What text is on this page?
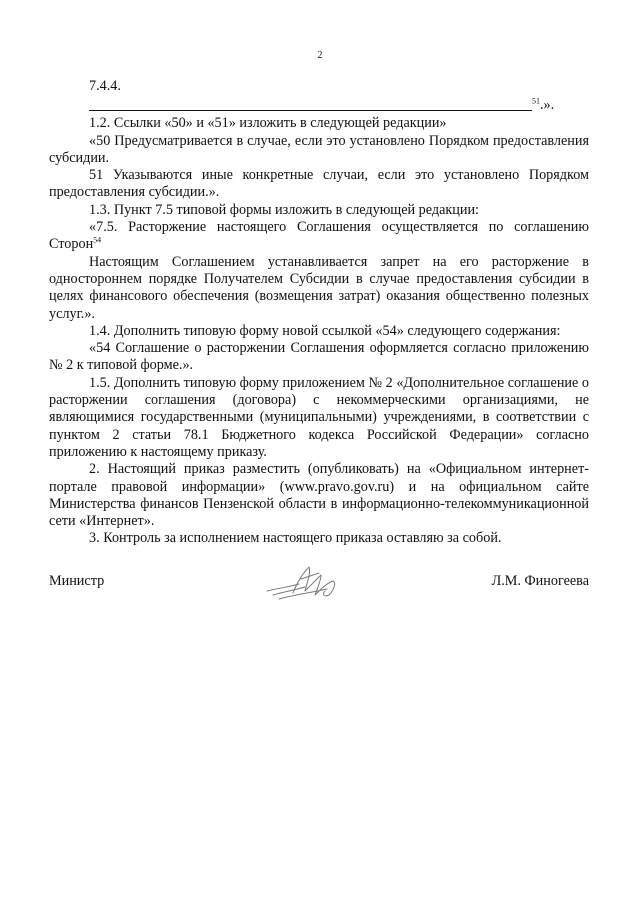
2

7.4.4.

$^{51}$.».

1.2. Ссылки «50» и «51» изложить в следующей редакции»

«50 Предусматривается в случае, если это установлено Порядком предоставления субсидии.

51 Указываются иные конкретные случаи, если это установлено Порядком предоставления субсидии.».

1.3. Пункт 7.5 типовой формы изложить в следующей редакции:

«7.5. Расторжение настоящего Соглашения осуществляется по соглашению Сторон$^{54}$

Настоящим Соглашением устанавливается запрет на его расторжение в одностороннем порядке Получателем Субсидии в случае предоставления субсидии в целях финансового обеспечения (возмещения затрат) оказания общественно полезных услуг.».

1.4. Дополнить типовую форму новой ссылкой «54» следующего содержания:

«54 Соглашение о расторжении Соглашения оформляется согласно приложению № 2 к типовой форме.».

1.5. Дополнить типовую форму приложением № 2 «Дополнительное соглашение о расторжении соглашения (договора) с некоммерческими организациями, не являющимися государственными (муниципальными) учреждениями, в соответствии с пунктом 2 статьи 78.1 Бюджетного кодекса Российской Федерации» согласно приложению к настоящему приказу.

2. Настоящий приказ разместить (опубликовать) на «Официальном интернет-портале правовой информации» (www.pravo.gov.ru) и на официальном сайте Министерства финансов Пензенской области в информационно-телекоммуникационной сети «Интернет».

3. Контроль за исполнением настоящего приказа оставляю за собой.

Министр	Л.М. Финогеева
